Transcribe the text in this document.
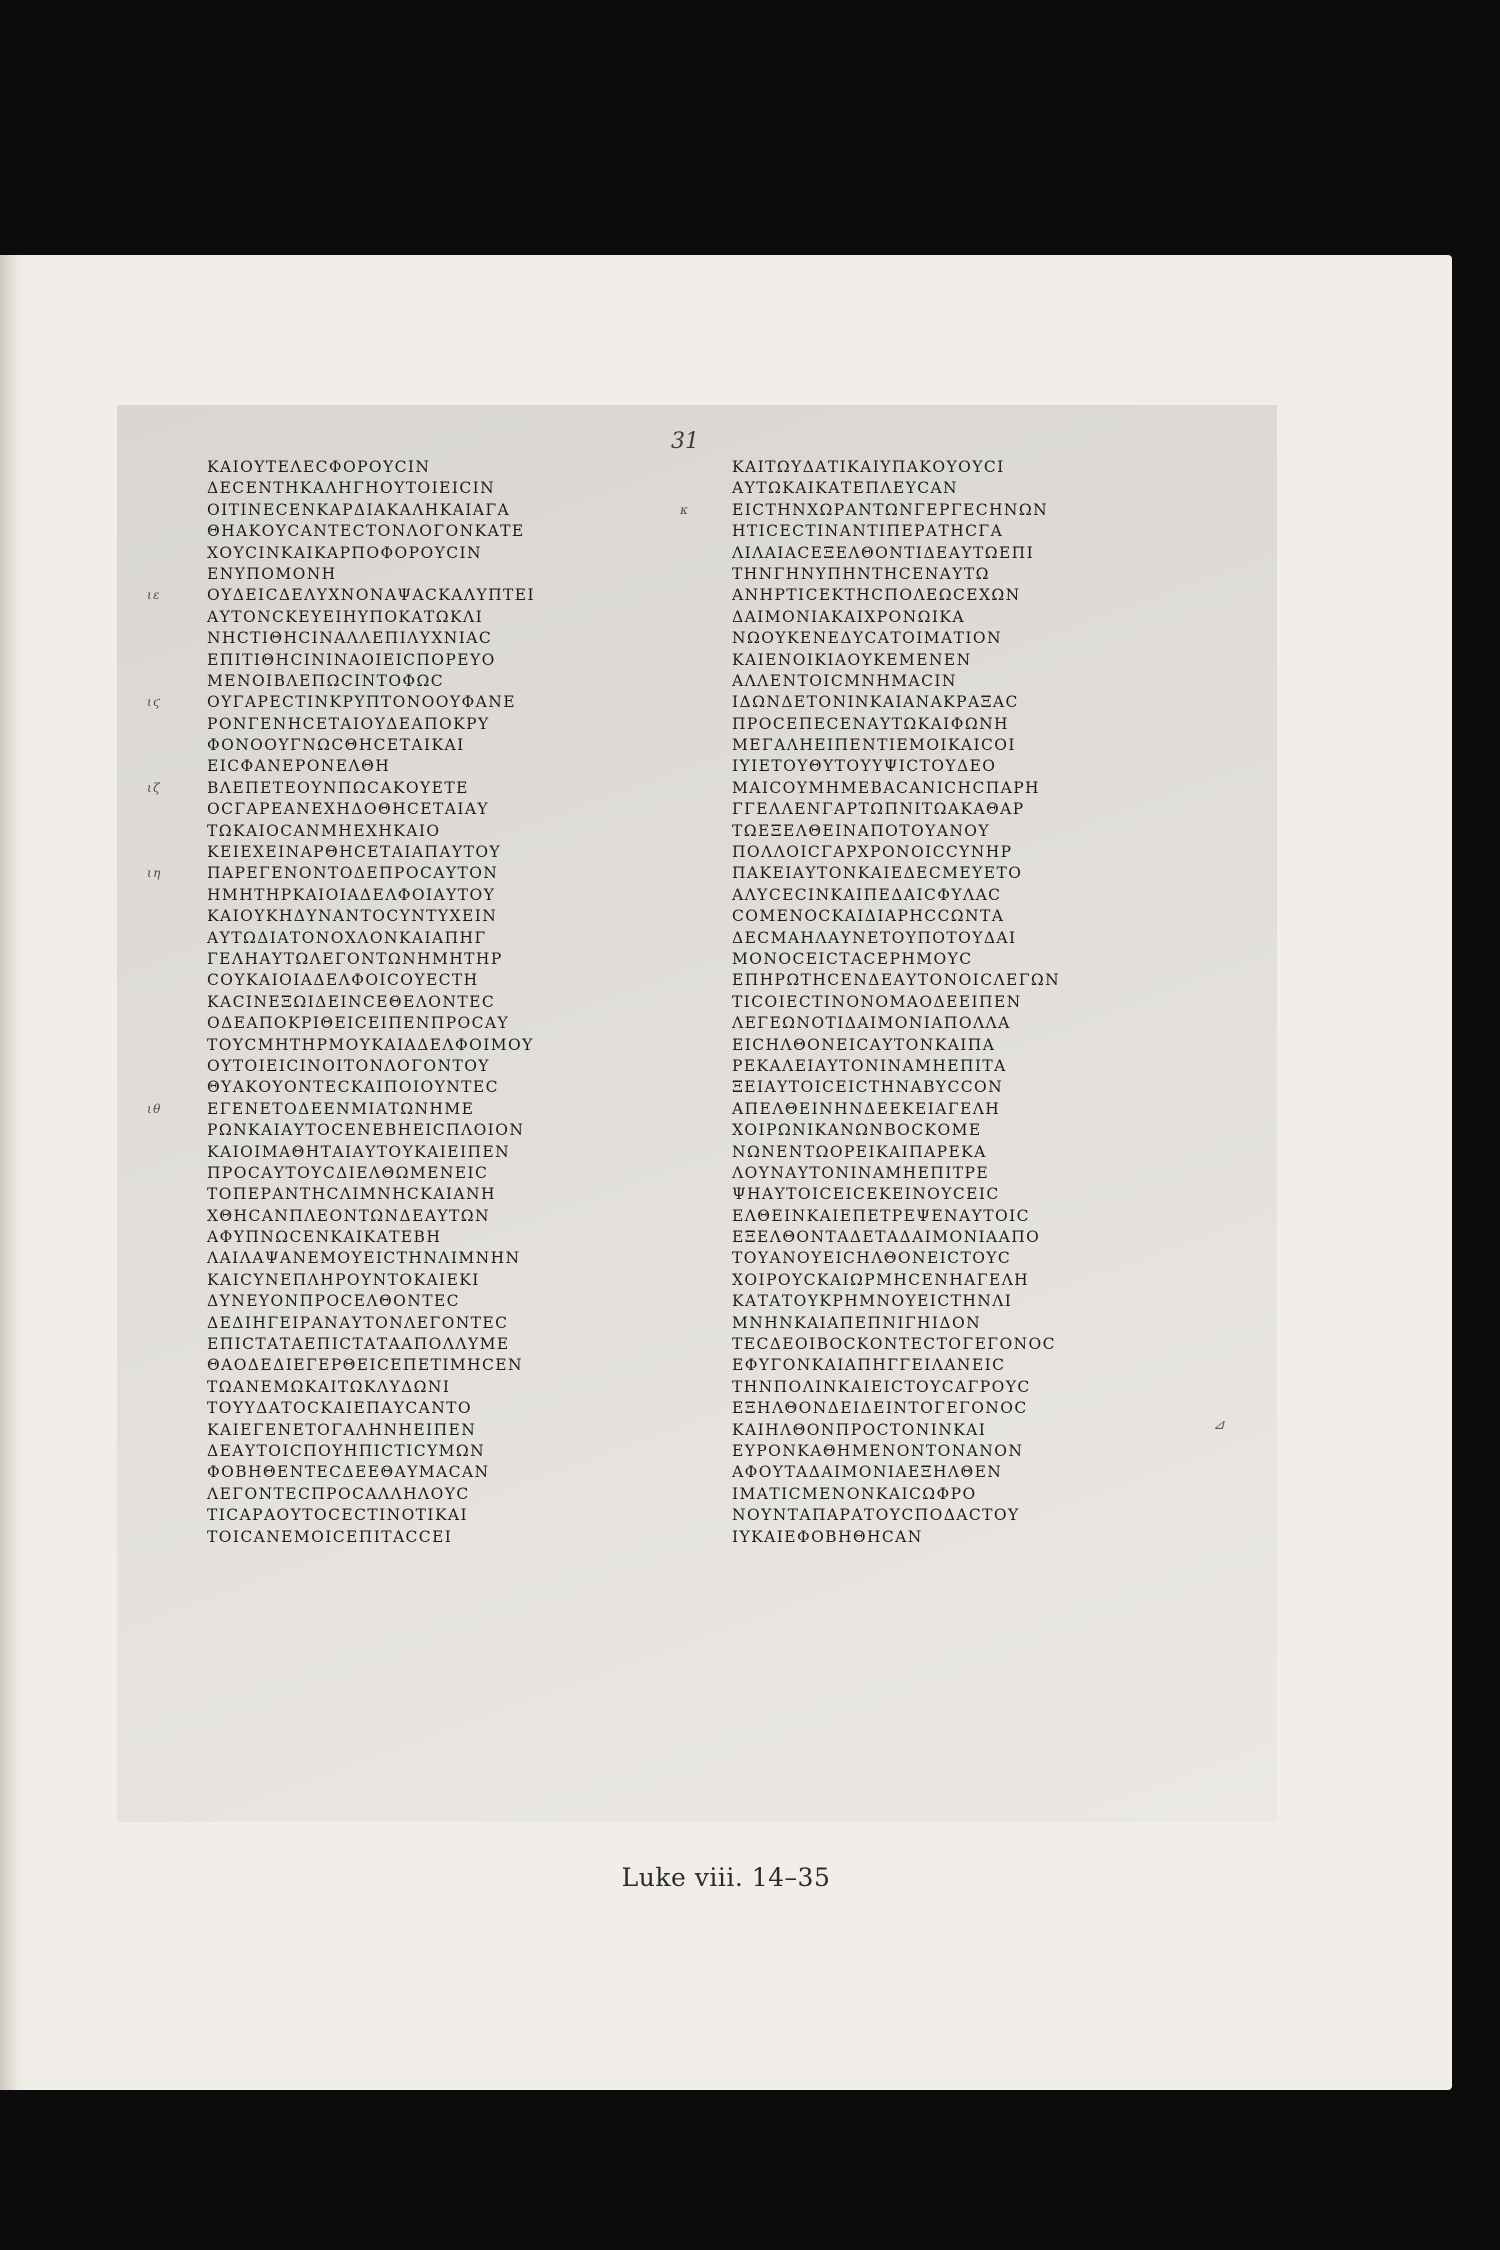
31
ΚΑΙΟΥΤΕΛΕϹΦΟΡΟΥϹΙΝ
ΔΕϹΕΝΤΗΚΑΛΗΓΗΟΥΤΟΙΕΙϹΙΝ
ΟΙΤΙΝΕϹΕΝΚΑΡΔΙΑΚΑΛΗΚΑΙΑΓΑ
ΘΗΑΚΟΥϹΑΝΤΕϹΤΟΝΛΟΓΟΝΚΑΤΕ
ΧΟΥϹΙΝΚΑΙΚΑΡΠΟΦΟΡΟΥϹΙΝ
ΕΝΥΠΟΜΟΝΗ
ιε	ΟΥΔΕΙϹΔΕΛΥΧΝΟΝΑΨΑϹΚΑΛΥΠΤΕΙ
ΑΥΤΟΝϹΚΕΥΕΙΗΥΠΟΚΑΤΩΚΛΙ
ΝΗϹΤΙΘΗϹΙΝΑΛΛΕΠΙΛΥΧΝΙΑϹ
ΕΠΙΤΙΘΗϹΙΝΙΝΑΟΙΕΙϹΠΟΡΕΥΟ
ΜΕΝΟΙΒΛΕΠΩϹΙΝΤΟΦΩϹ
ιϛ	ΟΥΓΑΡΕϹΤΙΝΚΡΥΠΤΟΝΟΟΥΦΑΝΕ
ΡΟΝΓΕΝΗϹΕΤΑΙΟΥΔΕΑΠΟΚΡΥ
ΦΟΝΟΟΥΓΝΩϹΘΗϹΕΤΑΙΚΑΙ
ΕΙϹΦΑΝΕΡΟΝΕΛΘΗ
ιζ	ΒΛΕΠΕΤΕΟΥΝΠΩϹΑΚΟΥΕΤΕ
ΟϹΓΑΡΕΑΝΕΧΗΔΟΘΗϹΕΤΑΙΑΥ
ΤΩΚΑΙΟϹΑΝΜΗΕΧΗΚΑΙΟ
ΚΕΙΕΧΕΙΝΑΡΘΗϹΕΤΑΙΑΠΑΥΤΟΥ
ιη	ΠΑΡΕΓΕΝΟΝΤΟΔΕΠΡΟϹΑΥΤΟΝ
ΗΜΗΤΗΡΚΑΙΟΙΑΔΕΛΦΟΙΑΥΤΟΥ
ΚΑΙΟΥΚΗΔΥΝΑΝΤΟϹΥΝΤΥΧΕΙΝ
ΑΥΤΩΔΙΑΤΟΝΟΧΛΟΝΚΑΙΑΠΗΓ
ΓΕΛΗΑΥΤΩΛΕΓΟΝΤΩΝΗΜΗΤΗΡ
ϹΟΥΚΑΙΟΙΑΔΕΛΦΟΙϹΟΥΕϹΤΗ
ΚΑϹΙΝΕΞΩΙΔΕΙΝϹΕΘΕΛΟΝΤΕϹ
ΟΔΕΑΠΟΚΡΙΘΕΙϹΕΙΠΕΝΠΡΟϹΑΥ
ΤΟΥϹΜΗΤΗΡΜΟΥΚΑΙΑΔΕΛΦΟΙΜΟΥ
ΟΥΤΟΙΕΙϹΙΝΟΙΤΟΝΛΟΓΟΝΤΟΥ
ΘΥΑΚΟΥΟΝΤΕϹΚΑΙΠΟΙΟΥΝΤΕϹ
ιθ	ΕΓΕΝΕΤΟΔΕΕΝΜΙΑΤΩΝΗΜΕ
ΡΩΝΚΑΙΑΥΤΟϹΕΝΕΒΗΕΙϹΠΛΟΙΟΝ
ΚΑΙΟΙΜΑΘΗΤΑΙΑΥΤΟΥΚΑΙΕΙΠΕΝ
ΠΡΟϹΑΥΤΟΥϹΔΙΕΛΘΩΜΕΝΕΙϹ
ΤΟΠΕΡΑΝΤΗϹΛΙΜΝΗϹΚΑΙΑΝΗ
ΧΘΗϹΑΝΠΛΕΟΝΤΩΝΔΕΑΥΤΩΝ
ΑΦΥΠΝΩϹΕΝΚΑΙΚΑΤΕΒΗ
ΛΑΙΛΑΨΑΝΕΜΟΥΕΙϹΤΗΝΛΙΜΝΗΝ
ΚΑΙϹΥΝΕΠΛΗΡΟΥΝΤΟΚΑΙΕΚΙ
ΔΥΝΕΥΟΝΠΡΟϹΕΛΘΟΝΤΕϹ
ΔΕΔΙΗΓΕΙΡΑΝΑΥΤΟΝΛΕΓΟΝΤΕϹ
ΕΠΙϹΤΑΤΑΕΠΙϹΤΑΤΑΑΠΟΛΛΥΜΕ
ΘΑΟΔΕΔΙΕΓΕΡΘΕΙϹΕΠΕΤΙΜΗϹΕΝ
ΤΩΑΝΕΜΩΚΑΙΤΩΚΛΥΔΩΝΙ
ΤΟΥΥΔΑΤΟϹΚΑΙΕΠΑΥϹΑΝΤΟ
ΚΑΙΕΓΕΝΕΤΟΓΑΛΗΝΗΕΙΠΕΝ
ΔΕΑΥΤΟΙϹΠΟΥΗΠΙϹΤΙϹΥΜΩΝ
ΦΟΒΗΘΕΝΤΕϹΔΕΕΘΑΥΜΑϹΑΝ
ΛΕΓΟΝΤΕϹΠΡΟϹΑΛΛΗΛΟΥϹ
ΤΙϹΑΡΑΟΥΤΟϹΕϹΤΙΝΟΤΙΚΑΙ
ΤΟΙϹΑΝΕΜΟΙϹΕΠΙΤΑϹϹΕΙ
ΚΑΙΤΩΥΔΑΤΙΚΑΙΥΠΑΚΟΥΟΥϹΙ
ΑΥΤΩΚΑΙΚΑΤΕΠΛΕΥϹΑΝ
κ	ΕΙϹΤΗΝΧΩΡΑΝΤΩΝΓΕΡΓΕϹΗΝΩΝ
ΗΤΙϹΕϹΤΙΝΑΝΤΙΠΕΡΑΤΗϹΓΑ
ΛΙΛΑΙΑϹΕΞΕΛΘΟΝΤΙΔΕΑΥΤΩΕΠΙ
ΤΗΝΓΗΝΥΠΗΝΤΗϹΕΝΑΥΤΩ
ΑΝΗΡΤΙϹΕΚΤΗϹΠΟΛΕΩϹΕΧΩΝ
ΔΑΙΜΟΝΙΑΚΑΙΧΡΟΝΩΙΚΑ
ΝΩΟΥΚΕΝΕΔΥϹΑΤΟΙΜΑΤΙΟΝ
ΚΑΙΕΝΟΙΚΙΑΟΥΚΕΜΕΝΕΝ
ΑΛΛΕΝΤΟΙϹΜΝΗΜΑϹΙΝ
ΙΔΩΝΔΕΤΟΝΙΝΚΑΙΑΝΑΚΡΑΞΑϹ
ΠΡΟϹΕΠΕϹΕΝΑΥΤΩΚΑΙΦΩΝΗ
ΜΕΓΑΛΗΕΙΠΕΝΤΙΕΜΟΙΚΑΙϹΟΙ
ΙΥΙΕΤΟΥΘΥΤΟΥΥΨΙϹΤΟΥΔΕΟ
ΜΑΙϹΟΥΜΗΜΕΒΑϹΑΝΙϹΗϹΠΑΡΗ
ΓΓΕΛΛΕΝΓΑΡΤΩΠΝΙΤΩΑΚΑΘΑΡ
ΤΩΕΞΕΛΘΕΙΝΑΠΟΤΟΥΑΝΟΥ
ΠΟΛΛΟΙϹΓΑΡΧΡΟΝΟΙϹϹΥΝΗΡ
ΠΑΚΕΙΑΥΤΟΝΚΑΙΕΔΕϹΜΕΥΕΤΟ
ΑΛΥϹΕϹΙΝΚΑΙΠΕΔΑΙϹΦΥΛΑϹ
ϹΟΜΕΝΟϹΚΑΙΔΙΑΡΗϹϹΩΝΤΑ
ΔΕϹΜΑΗΛΑΥΝΕΤΟΥΠΟΤΟΥΔΑΙ
ΜΟΝΟϹΕΙϹΤΑϹΕΡΗΜΟΥϹ
ΕΠΗΡΩΤΗϹΕΝΔΕΑΥΤΟΝΟΙϹΛΕΓΩΝ
ΤΙϹΟΙΕϹΤΙΝΟΝΟΜΑΟΔΕΕΙΠΕΝ
ΛΕΓΕΩΝΟΤΙΔΑΙΜΟΝΙΑΠΟΛΛΑ
ΕΙϹΗΛΘΟΝΕΙϹΑΥΤΟΝΚΑΙΠΑ
ΡΕΚΑΛΕΙΑΥΤΟΝΙΝΑΜΗΕΠΙΤΑ
ΞΕΙΑΥΤΟΙϹΕΙϹΤΗΝΑΒΥϹϹΟΝ
ΑΠΕΛΘΕΙΝΗΝΔΕΕΚΕΙΑΓΕΛΗ
ΧΟΙΡΩΝΙΚΑΝΩΝΒΟϹΚΟΜΕ
ΝΩΝΕΝΤΩΟΡΕΙΚΑΙΠΑΡΕΚΑ
ΛΟΥΝΑΥΤΟΝΙΝΑΜΗΕΠΙΤΡΕ
ΨΗΑΥΤΟΙϹΕΙϹΕΚΕΙΝΟΥϹΕΙϹ
ΕΛΘΕΙΝΚΑΙΕΠΕΤΡΕΨΕΝΑΥΤΟΙϹ
ΕΞΕΛΘΟΝΤΑΔΕΤΑΔΑΙΜΟΝΙΑΑΠΟ
ΤΟΥΑΝΟΥΕΙϹΗΛΘΟΝΕΙϹΤΟΥϹ
ΧΟΙΡΟΥϹΚΑΙΩΡΜΗϹΕΝΗΑΓΕΛΗ
ΚΑΤΑΤΟΥΚΡΗΜΝΟΥΕΙϹΤΗΝΛΙ
ΜΝΗΝΚΑΙΑΠΕΠΝΙΓΗΙΔΟΝ
ΤΕϹΔΕΟΙΒΟϹΚΟΝΤΕϹΤΟΓΕΓΟΝΟϹ
ΕΦΥΓΟΝΚΑΙΑΠΗΓΓΕΙΛΑΝΕΙϹ
ΤΗΝΠΟΛΙΝΚΑΙΕΙϹΤΟΥϹΑΓΡΟΥϹ
ΕΞΗΛΘΟΝΔΕΙΔΕΙΝΤΟΓΕΓΟΝΟϹ
ΚΑΙΗΛΘΟΝΠΡΟϹΤΟΝΙΝΚΑΙ
ΕΥΡΟΝΚΑΘΗΜΕΝΟΝΤΟΝΑΝΟΝ
ΑΦΟΥΤΑΔΑΙΜΟΝΙΑΕΞΗΛΘΕΝ
ΙΜΑΤΙϹΜΕΝΟΝΚΑΙϹΩΦΡΟ
ΝΟΥΝΤΑΠΑΡΑΤΟΥϹΠΟΔΑϹΤΟΥ
ΙΥΚΑΙΕΦΟΒΗΘΗϹΑΝ
⊿
Luke viii. 14–35
